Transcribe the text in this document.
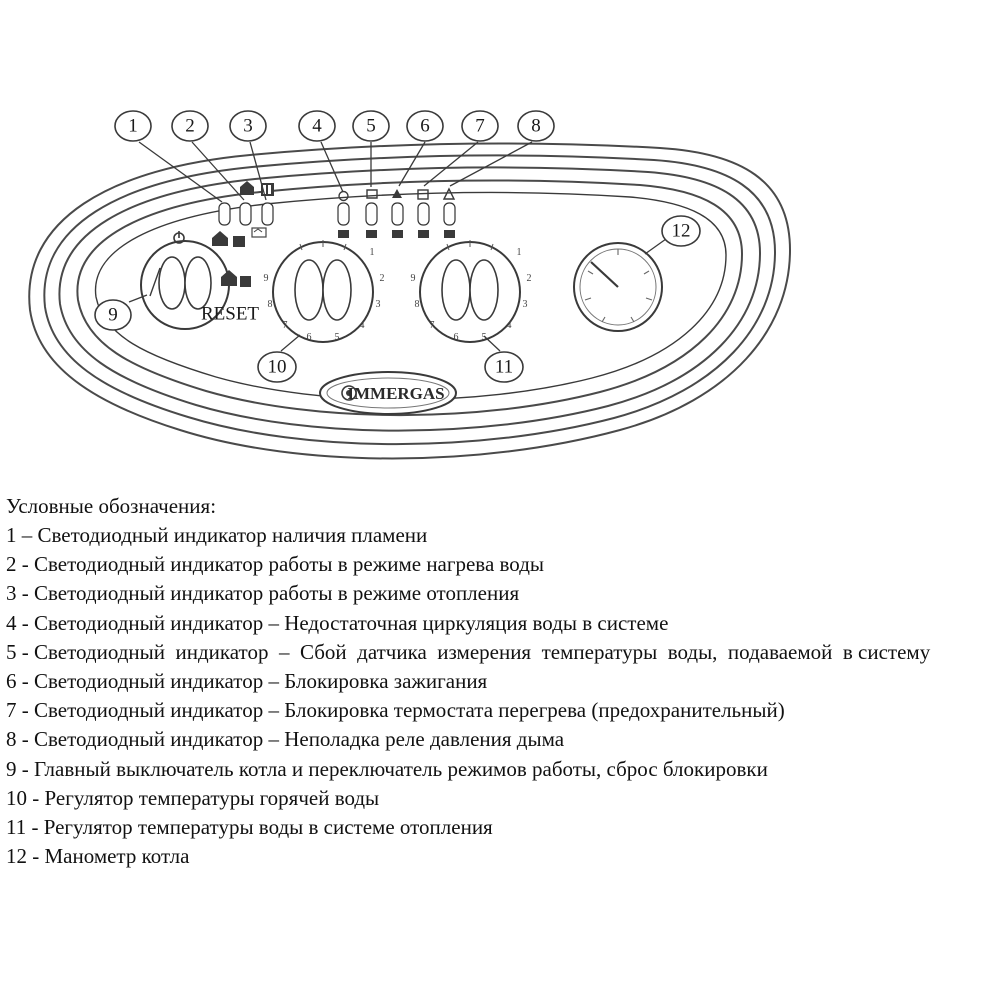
RESET
1
2
3
4
5
6
7
8
9
1
2
3
4
5
6
7
8
9
IMMERGAS
1	2	3	4 5 6 7 8
9
10	11
12
Условные обозначения:
1 – Светодиодный индикатор наличия пламени
2 - Светодиодный индикатор работы в режиме нагрева воды
3 - Светодиодный индикатор работы в режиме отопления
4 - Светодиодный индикатор – Недостаточная циркуляция воды в системе
5 - Светодиодный  индикатор  –  Сбой  датчика  измерения  температуры  воды,  подаваемой  в систему
6 - Светодиодный индикатор – Блокировка зажигания
7 - Светодиодный индикатор – Блокировка термостата перегрева (предохранительный)
8 - Светодиодный индикатор – Неполадка реле давления дыма
9 - Главный выключатель котла и переключатель режимов работы, сброс блокировки
10 - Регулятор температуры горячей воды
11 - Регулятор температуры воды в системе отопления
12 - Манометр котла
